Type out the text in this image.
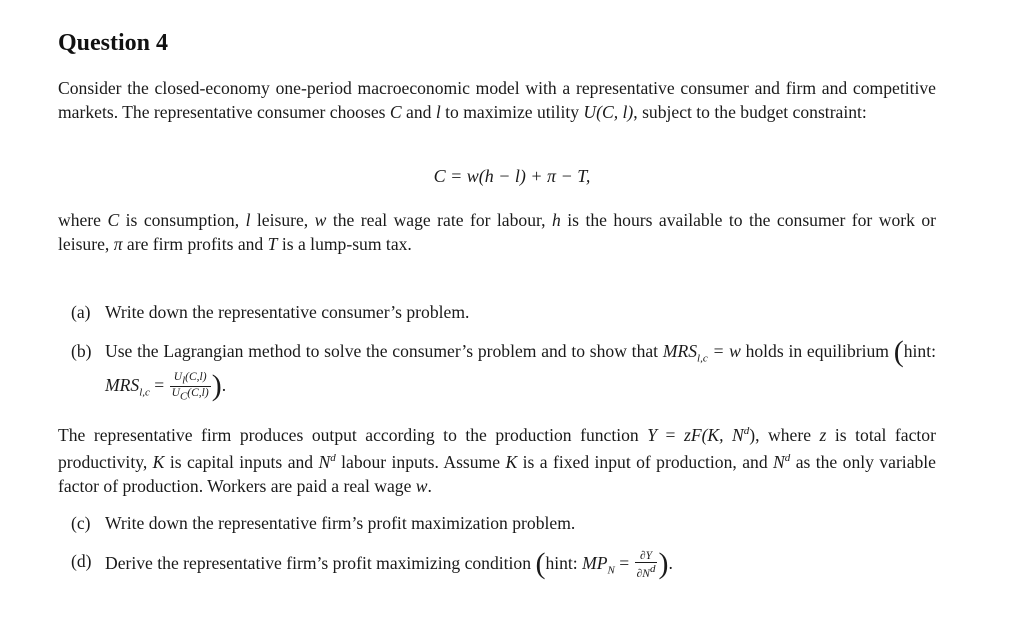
Question 4

Consider the closed-economy one-period macroeconomic model with a representative consumer and firm and competitive markets. The representative consumer chooses C and l to maximize utility U(C, l), subject to the budget constraint:

C = w(h − l) + π − T,

where C is consumption, l leisure, w the real wage rate for labour, h is the hours available to the consumer for work or leisure, π are firm profits and T is a lump-sum tax.

(a) Write down the representative consumer’s problem.
(b) Use the Lagrangian method to solve the consumer’s problem and to show that $MRS_{l,c} = w$ holds in equilibrium (hint: $MRS_{l,c} = \frac{U_l(C,l)}{U_C(C,l)}$ ).

The representative firm produces output according to the production function Y = zF(K, $N^d$), where z is total factor productivity, K is capital inputs and $N^d$ labour inputs. Assume K is a fixed input of production, and $N^d$ as the only variable factor of production. Workers are paid a real wage w.

(c) Write down the representative firm’s profit maximization problem.
(d) Derive the representative firm’s profit maximizing condition (hint: $MP_N = \frac{\partial Y}{\partial N^d}$ ).
